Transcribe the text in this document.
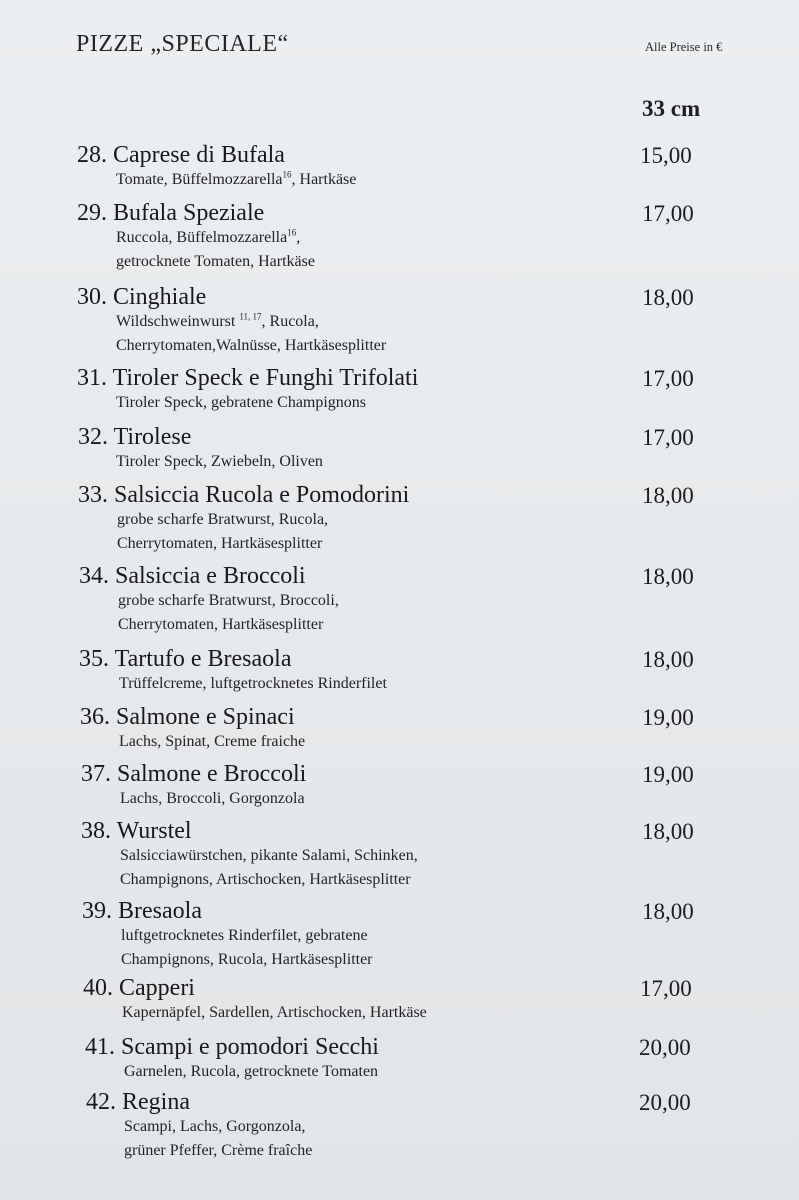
PIZZE „SPECIALE“	Alle Preise in €
33 cm
28. Caprese di Bufala	15,00
Tomate, Büffelmozzarella$^{16}$, Hartkäse
29. Bufala Speziale	17,00
Ruccola, Büffelmozzarella$^{16}$,
getrocknete Tomaten, Hartkäse
30. Cinghiale	18,00
Wildschweinwurst $^{11, 17}$, Rucola,
Cherrytomaten,Walnüsse, Hartkäsesplitter
31. Tiroler Speck e Funghi Trifolati	17,00
Tiroler Speck, gebratene Champignons
32. Tirolese	17,00
Tiroler Speck, Zwiebeln, Oliven
33. Salsiccia Rucola e Pomodorini	18,00
grobe scharfe Bratwurst, Rucola,
Cherrytomaten, Hartkäsesplitter
34. Salsiccia e Broccoli	18,00
grobe scharfe Bratwurst, Broccoli,
Cherrytomaten, Hartkäsesplitter
35. Tartufo e Bresaola	18,00
Trüffelcreme, luftgetrocknetes Rinderfilet
36. Salmone e Spinaci	19,00
Lachs, Spinat, Creme fraiche
37. Salmone e Broccoli	19,00
Lachs, Broccoli, Gorgonzola
38. Wurstel	18,00
Salsicciawürstchen, pikante Salami, Schinken,
Champignons, Artischocken, Hartkäsesplitter
39. Bresaola	18,00
luftgetrocknetes Rinderfilet, gebratene
Champignons, Rucola, Hartkäsesplitter
40. Capperi	17,00
Kapernäpfel, Sardellen, Artischocken, Hartkäse
41. Scampi e pomodori Secchi	20,00
Garnelen, Rucola, getrocknete Tomaten
42. Regina	20,00
Scampi, Lachs, Gorgonzola,
grüner Pfeffer, Crème fraîche
